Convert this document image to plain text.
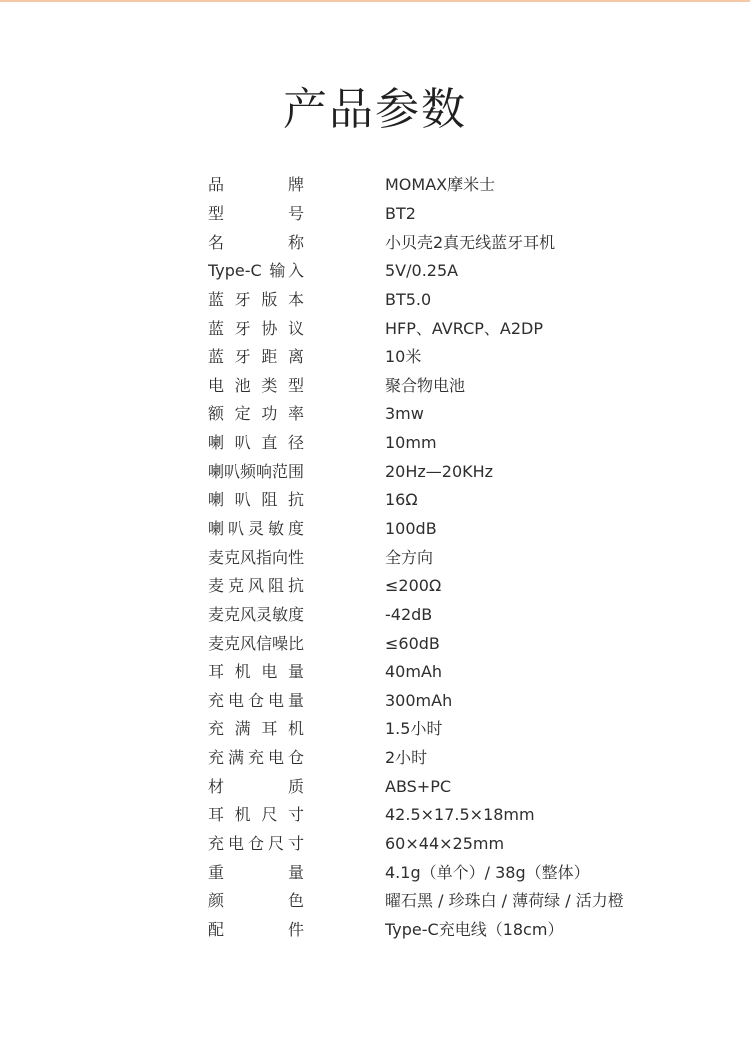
产品参数
品　　牌	MOMAX摩米士
型　　号	BT2
名　　称	小贝壳2真无线蓝牙耳机
Type-C 输入	5V/0.25A
蓝牙版本	BT5.0
蓝牙协议	HFP、AVRCP、A2DP
蓝牙距离	10米
电池类型	聚合物电池
额定功率	3mw
喇叭直径	10mm
喇叭频响范围	20Hz—20KHz
喇叭阻抗	16Ω
喇叭灵敏度	100dB
麦克风指向性	全方向
麦克风阻抗	≤200Ω
麦克风灵敏度	-42dB
麦克风信噪比	≤60dB
耳机电量	40mAh
充电仓电量	300mAh
充满耳机	1.5小时
充满充电仓	2小时
材　　质	ABS+PC
耳机尺寸	42.5×17.5×18mm
充电仓尺寸	60×44×25mm
重　　量	4.1g（单个）/ 38g（整体）
颜　　色	曜石黑 / 珍珠白 / 薄荷绿 / 活力橙
配　　件	Type-C充电线（18cm）
